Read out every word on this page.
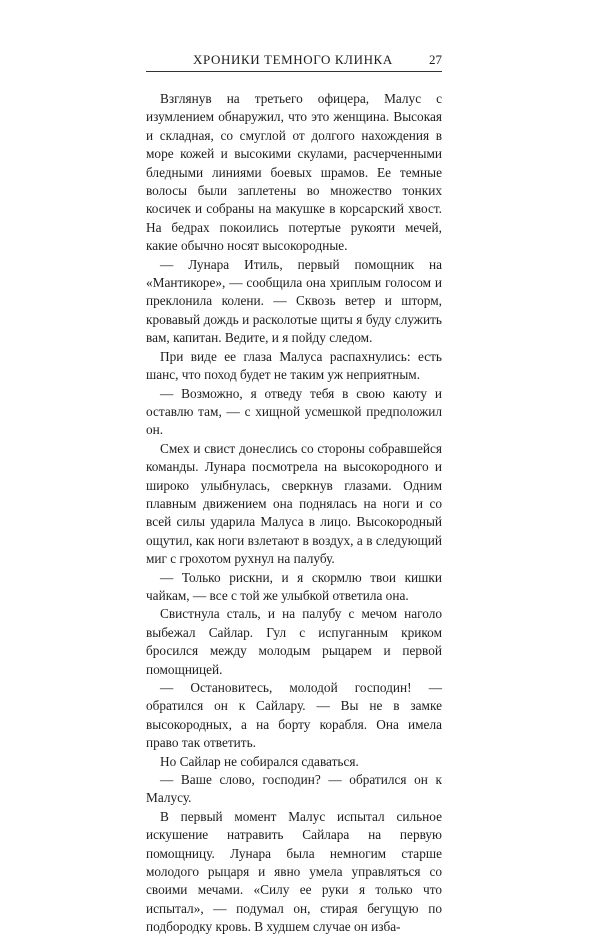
ХРОНИКИ ТЕМНОГО КЛИНКА	27

Взглянув на третьего офицера, Малус с изумлением обнаружил, что это женщина. Высокая и складная, со смуглой от долгого нахождения в море кожей и высокими скулами, расчерченными бледными линиями боевых шрамов. Ее темные волосы были заплетены во множество тонких косичек и собраны на макушке в корсарский хвост. На бедрах покоились потертые рукояти мечей, какие обычно носят высокородные.

— Лунара Итиль, первый помощник на «Мантикоре», — сообщила она хриплым голосом и преклонила колени. — Сквозь ветер и шторм, кровавый дождь и расколотые щиты я буду служить вам, капитан. Ведите, и я пойду следом.

При виде ее глаза Малуса распахнулись: есть шанс, что поход будет не таким уж неприятным.

— Возможно, я отведу тебя в свою каюту и оставлю там, — с хищной усмешкой предположил он.

Смех и свист донеслись со стороны собравшейся команды. Лунара посмотрела на высокородного и широко улыбнулась, сверкнув глазами. Одним плавным движением она поднялась на ноги и со всей силы ударила Малуса в лицо. Высокородный ощутил, как ноги взлетают в воздух, а в следующий миг с грохотом рухнул на палубу.

— Только рискни, и я скормлю твои кишки чайкам, — все с той же улыбкой ответила она.

Свистнула сталь, и на палубу с мечом наголо выбежал Сайлар. Гул с испуганным криком бросился между молодым рыцарем и первой помощницей.

— Остановитесь, молодой господин! — обратился он к Сайлару. — Вы не в замке высокородных, а на борту корабля. Она имела право так ответить.

Но Сайлар не собирался сдаваться.

— Ваше слово, господин? — обратился он к Малусу.

В первый момент Малус испытал сильное искушение натравить Сайлара на первую помощницу. Лунара была немногим старше молодого рыцаря и явно умела управляться со своими мечами. «Силу ее руки я только что испытал», — подумал он, стирая бегущую по подбородку кровь. В худшем случае он изба-
